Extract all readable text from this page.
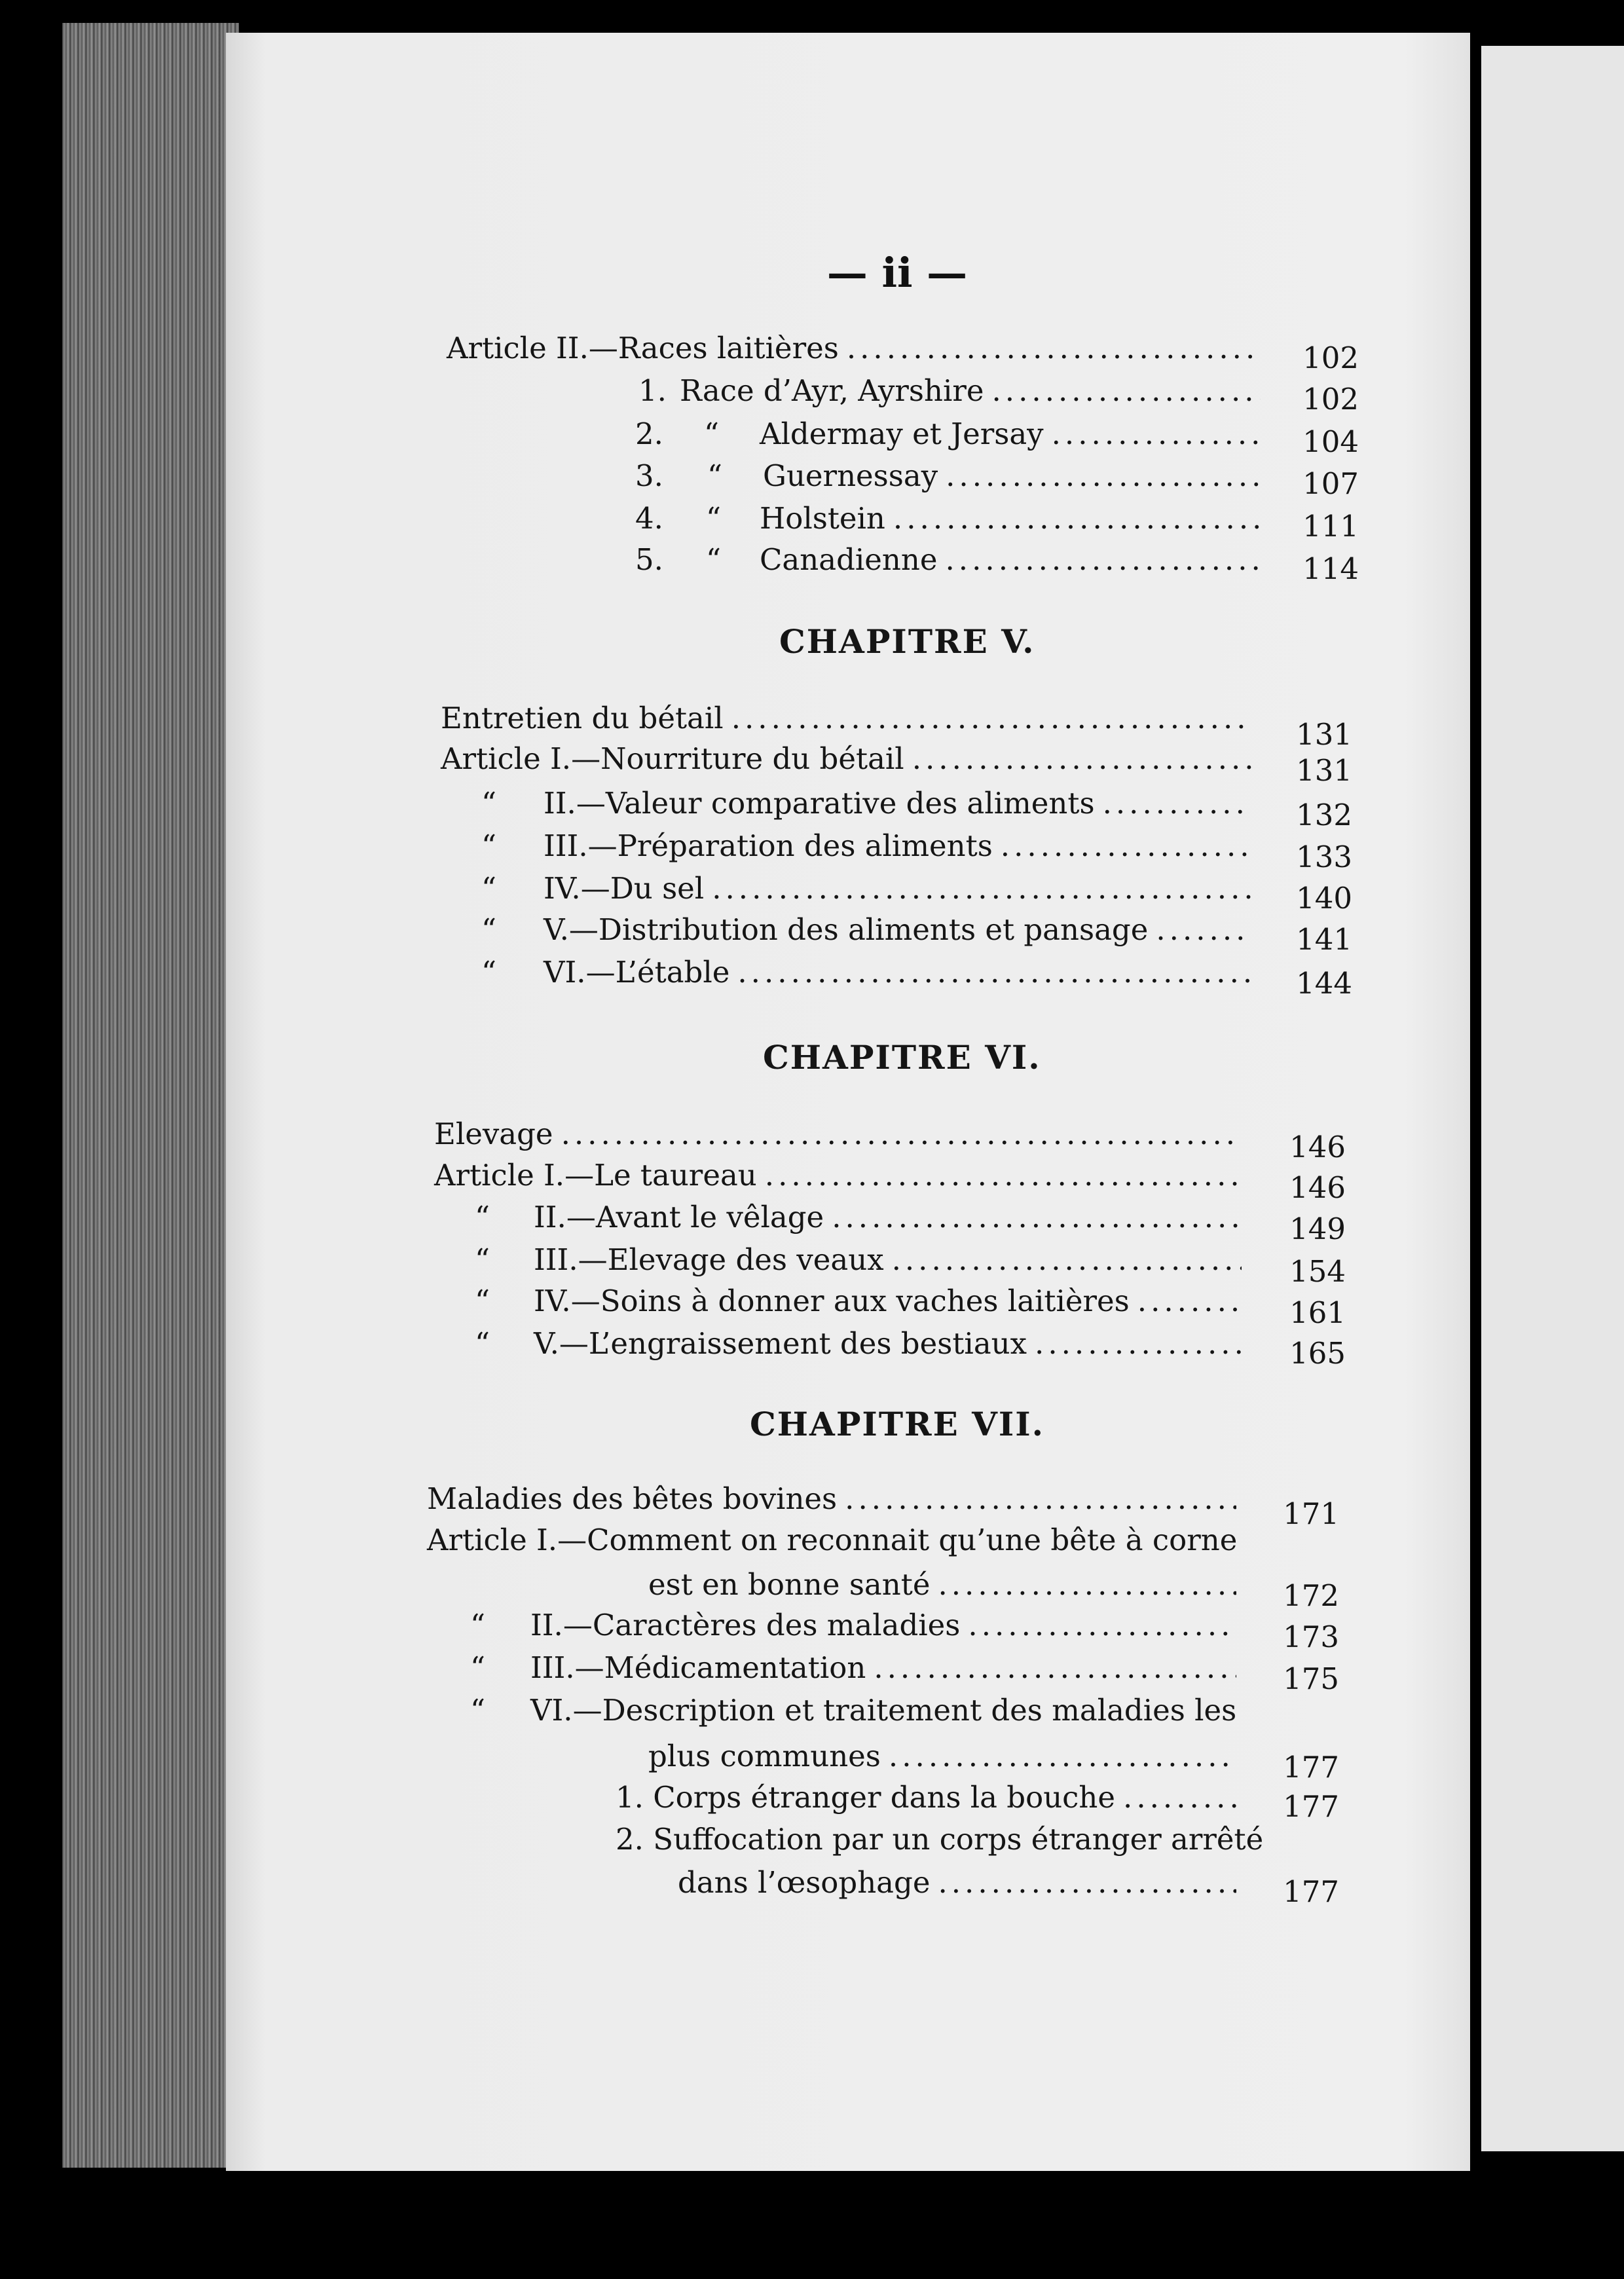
— ii —
Article II.—Races laitières .....	102
1. Race d’Ayr, Ayrshire .....	102
2. “ Aldermay et Jersay .....	104
3. “ Guernessay .....	107
4. “ Holstein .....	111
5. “ Canadienne .....	114
CHAPITRE V.
Entretien du bétail .....	131
Article I.—Nourriture du bétail .....	131
“ II.—Valeur comparative des aliments .....	132
“ III.—Préparation des aliments .....	133
“ IV.—Du sel .....	140
“ V.—Distribution des aliments et pansage .....	141
“ VI.—L’étable .....	144
CHAPITRE VI.
Elevage .....	146
Article I.—Le taureau .....	146
“ II.—Avant le vêlage .....	149
“ III.—Elevage des veaux .....	154
“ IV.—Soins à donner aux vaches laitières .....	161
“ V.—L’engraissement des bestiaux .....	165
CHAPITRE VII.
Maladies des bêtes bovines .....	171
Article I.—Comment on reconnait qu’une bête à corne
est en bonne santé .....	172
“ II.—Caractères des maladies .....	173
“ III.—Médicamentation .....	175
“ VI.—Description et traitement des maladies les
plus communes .....	177
1. Corps étranger dans la bouche .....	177
2. Suffocation par un corps étranger arrêté
dans l’œsophage .....	177
